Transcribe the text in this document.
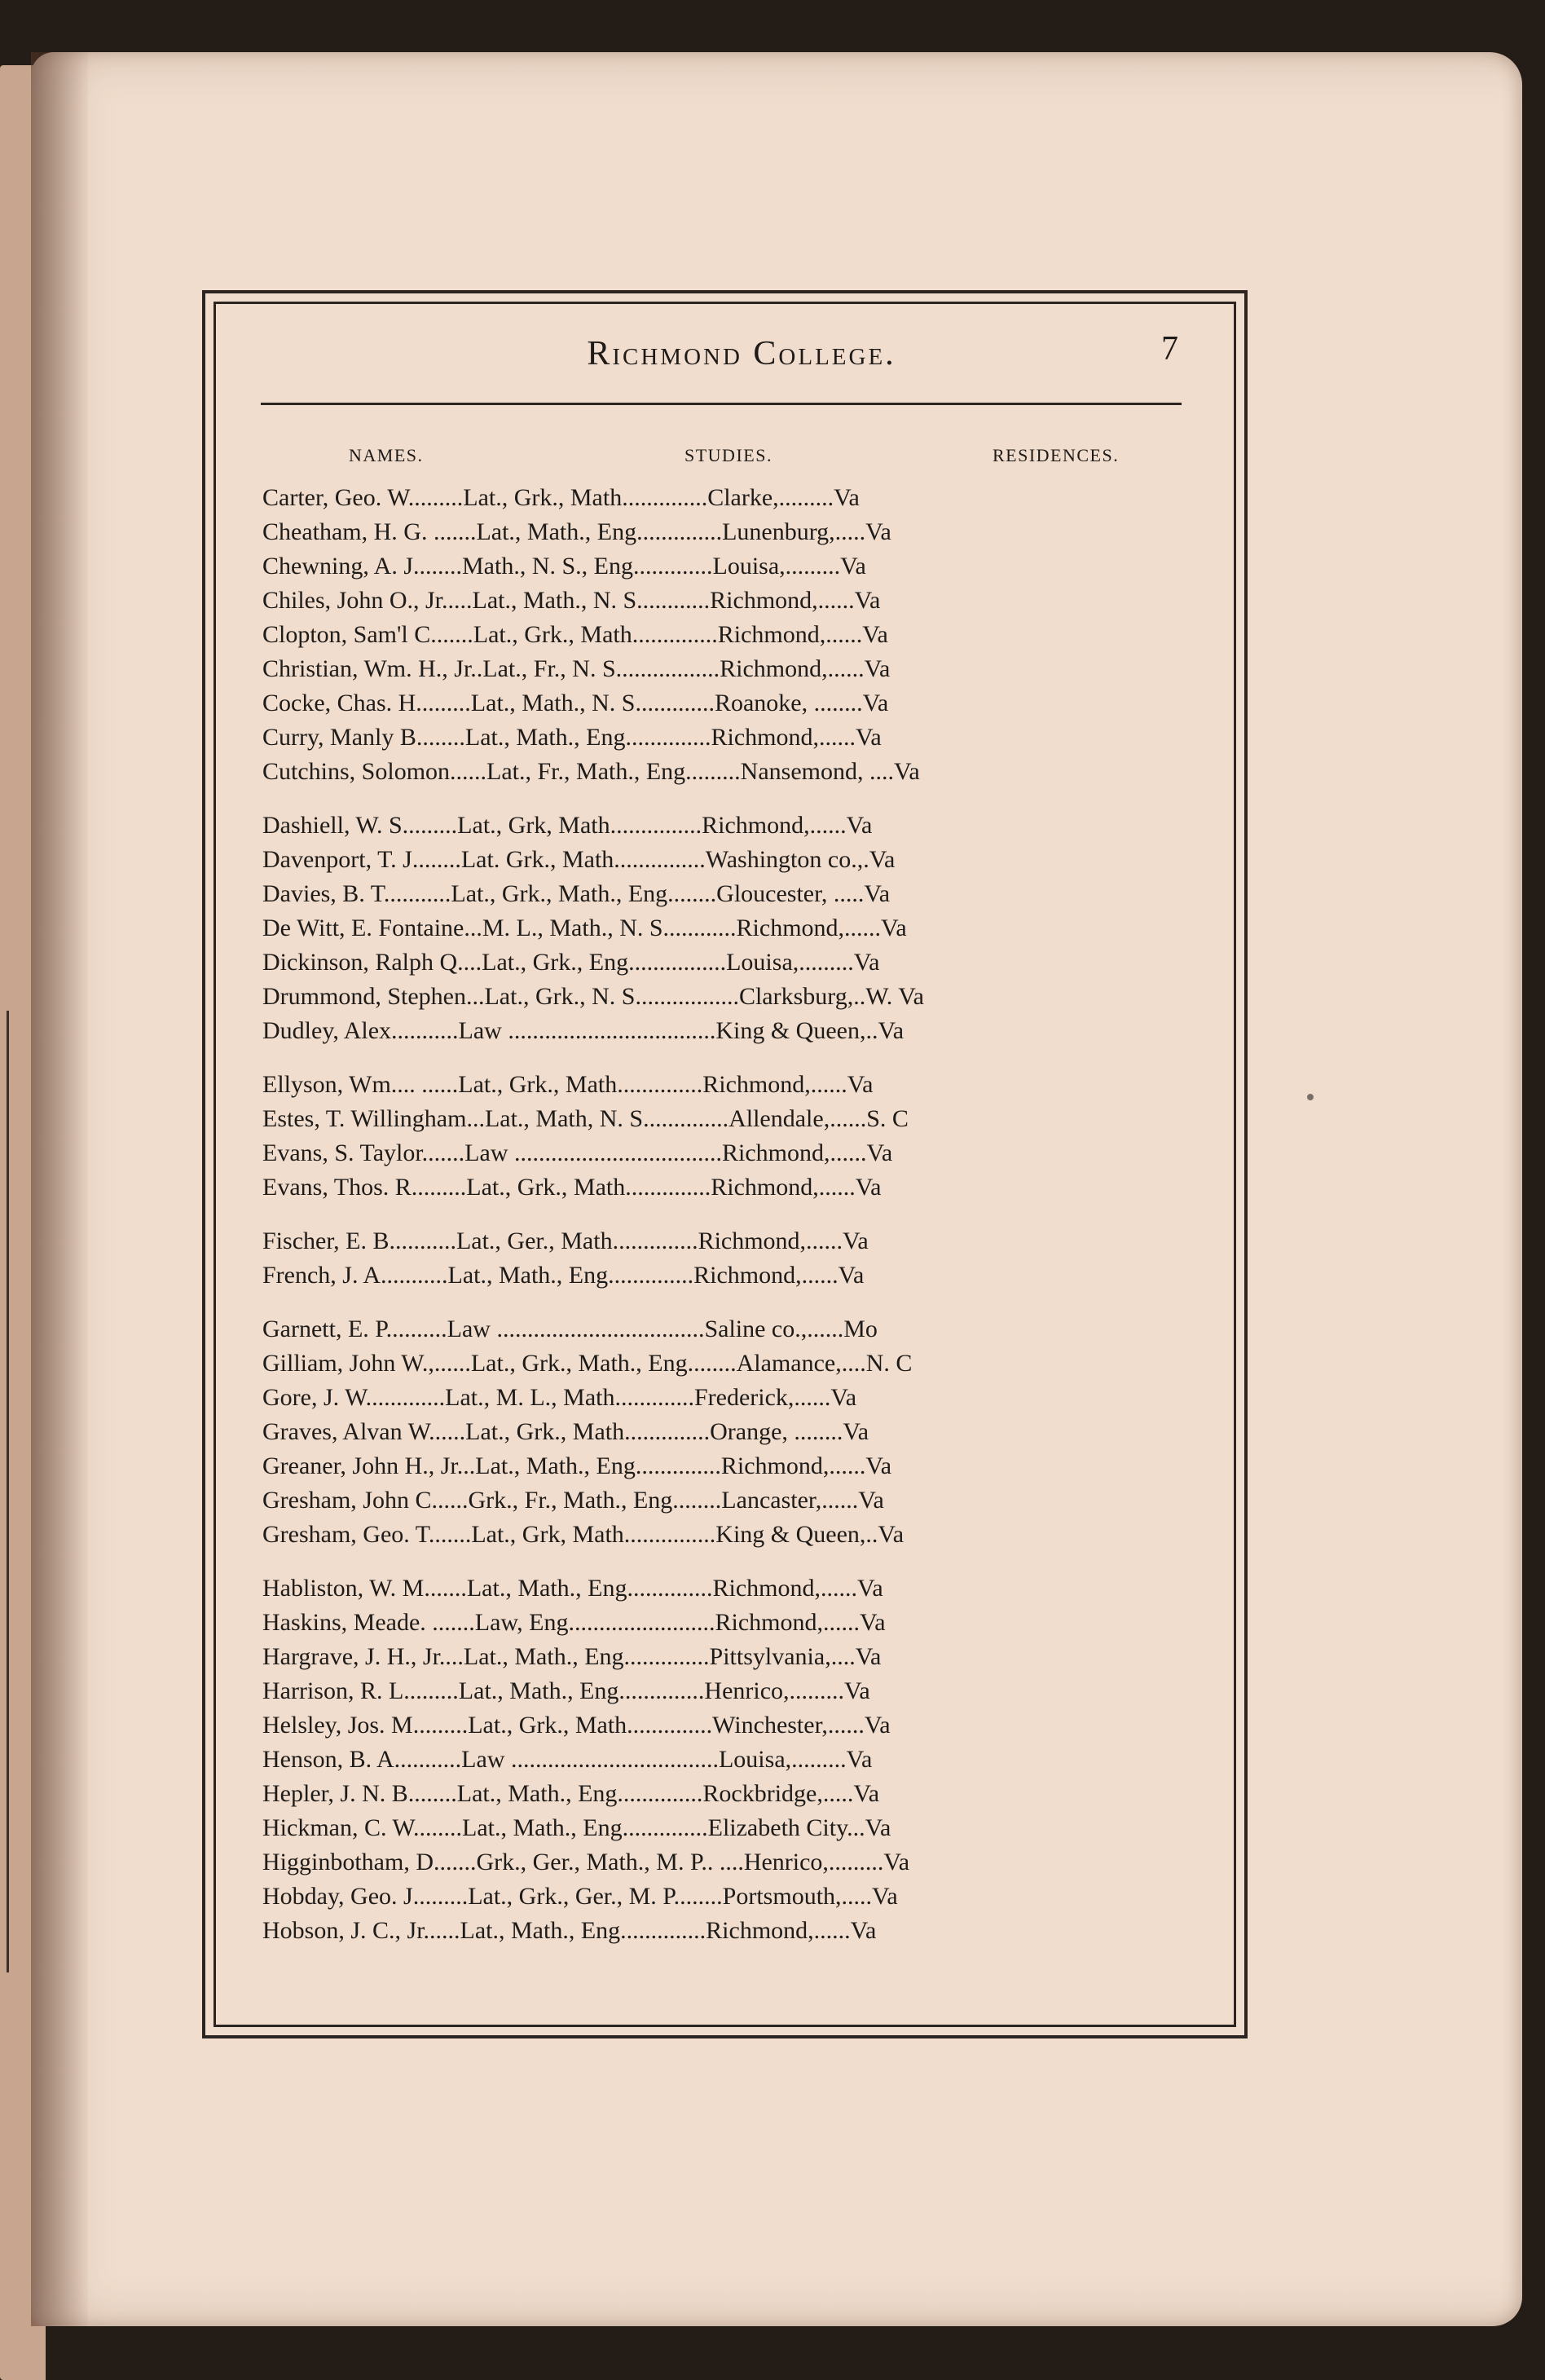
Richmond College.	7
NAMES.	STUDIES.	RESIDENCES.
Carter, Geo. W.........Lat., Grk., Math..............Clarke,.........Va
Cheatham, H. G. .......Lat., Math., Eng..............Lunenburg,.....Va
Chewning, A. J........Math., N. S., Eng.............Louisa,.........Va
Chiles, John O., Jr.....Lat., Math., N. S............Richmond,......Va
Clopton, Sam'l C.......Lat., Grk., Math..............Richmond,......Va
Christian, Wm. H., Jr..Lat., Fr., N. S.................Richmond,......Va
Cocke, Chas. H.........Lat., Math., N. S.............Roanoke, ........Va
Curry, Manly B........Lat., Math., Eng..............Richmond,......Va
Cutchins, Solomon......Lat., Fr., Math., Eng.........Nansemond, ....Va
Dashiell, W. S.........Lat., Grk, Math...............Richmond,......Va
Davenport, T. J........Lat. Grk., Math...............Washington co.,.Va
Davies, B. T...........Lat., Grk., Math., Eng........Gloucester, .....Va
De Witt, E. Fontaine...M. L., Math., N. S............Richmond,......Va
Dickinson, Ralph Q....Lat., Grk., Eng................Louisa,.........Va
Drummond, Stephen...Lat., Grk., N. S.................Clarksburg,..W. Va
Dudley, Alex...........Law ..................................King & Queen,..Va
Ellyson, Wm.... ......Lat., Grk., Math..............Richmond,......Va
Estes, T. Willingham...Lat., Math, N. S..............Allendale,......S. C
Evans, S. Taylor.......Law ..................................Richmond,......Va
Evans, Thos. R.........Lat., Grk., Math..............Richmond,......Va
Fischer, E. B...........Lat., Ger., Math..............Richmond,......Va
French, J. A...........Lat., Math., Eng..............Richmond,......Va
Garnett, E. P..........Law ..................................Saline co.,......Mo
Gilliam, John W.,......Lat., Grk., Math., Eng........Alamance,....N. C
Gore, J. W.............Lat., M. L., Math.............Frederick,......Va
Graves, Alvan W......Lat., Grk., Math..............Orange, ........Va
Greaner, John H., Jr...Lat., Math., Eng..............Richmond,......Va
Gresham, John C......Grk., Fr., Math., Eng........Lancaster,......Va
Gresham, Geo. T.......Lat., Grk, Math...............King & Queen,..Va
Habliston, W. M.......Lat., Math., Eng..............Richmond,......Va
Haskins, Meade. .......Law, Eng........................Richmond,......Va
Hargrave, J. H., Jr....Lat., Math., Eng..............Pittsylvania,....Va
Harrison, R. L.........Lat., Math., Eng..............Henrico,.........Va
Helsley, Jos. M.........Lat., Grk., Math..............Winchester,......Va
Henson, B. A...........Law ..................................Louisa,.........Va
Hepler, J. N. B........Lat., Math., Eng..............Rockbridge,.....Va
Hickman, C. W........Lat., Math., Eng..............Elizabeth City...Va
Higginbotham, D.......Grk., Ger., Math., M. P.. ....Henrico,.........Va
Hobday, Geo. J.........Lat., Grk., Ger., M. P........Portsmouth,.....Va
Hobson, J. C., Jr......Lat., Math., Eng..............Richmond,......Va
